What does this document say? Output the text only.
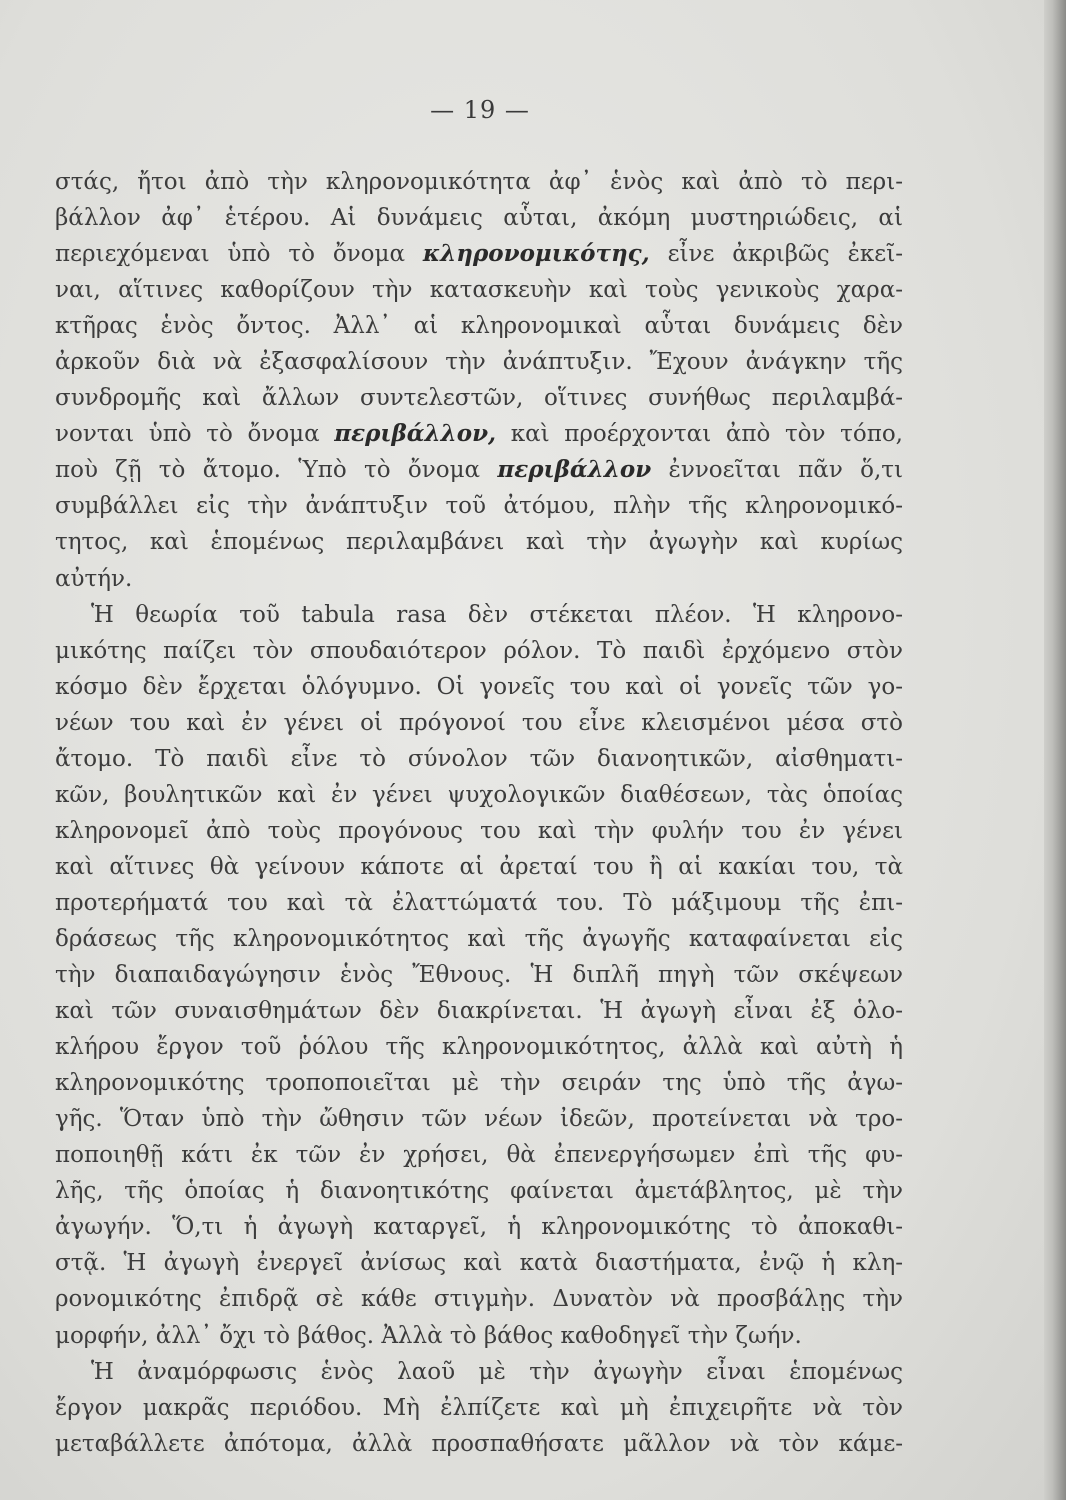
— 19 —
στάς, ἤτοι ἀπὸ τὴν κληρονομικότητα ἀφ᾽ ἑνὸς καὶ ἀπὸ τὸ περι-
βάλλον ἀφ᾽ ἑτέρου. Αἱ δυνάμεις αὗται, ἀκόμη μυστηριώδεις, αἱ
περιεχόμεναι ὑπὸ τὸ ὄνομα κληρονομικότης, εἶνε ἀκριβῶς ἐκεῖ-
ναι, αἵτινες καθορίζουν τὴν κατασκευὴν καὶ τοὺς γενικοὺς χαρα-
κτῆρας ἑνὸς ὄντος. Ἀλλ᾽ αἱ κληρονομικαὶ αὗται δυνάμεις δὲν
ἀρκοῦν διὰ νὰ ἐξασφαλίσουν τὴν ἀνάπτυξιν. Ἔχουν ἀνάγκην τῆς
συνδρομῆς καὶ ἄλλων συντελεστῶν, οἵτινες συνήθως περιλαμβά-
νονται ὑπὸ τὸ ὄνομα περιβάλλον, καὶ προέρχονται ἀπὸ τὸν τόπο,
ποὺ ζῇ τὸ ἄτομο. Ὑπὸ τὸ ὄνομα περιβάλλον ἐννοεῖται πᾶν ὅ,τι
συμβάλλει εἰς τὴν ἀνάπτυξιν τοῦ ἀτόμου, πλὴν τῆς κληρονομικό-
τητος, καὶ ἑπομένως περιλαμβάνει καὶ τὴν ἀγωγὴν καὶ κυρίως
αὐτήν.
Ἡ θεωρία τοῦ tabula rasa δὲν στέκεται πλέον. Ἡ κληρονο-
μικότης παίζει τὸν σπουδαιότερον ρόλον. Τὸ παιδὶ ἐρχόμενο στὸν
κόσμο δὲν ἔρχεται ὁλόγυμνο. Οἱ γονεῖς του καὶ οἱ γονεῖς τῶν γο-
νέων του καὶ ἐν γένει οἱ πρόγονοί του εἶνε κλεισμένοι μέσα στὸ
ἄτομο. Τὸ παιδὶ εἶνε τὸ σύνολον τῶν διανοητικῶν, αἰσθηματι-
κῶν, βουλητικῶν καὶ ἐν γένει ψυχολογικῶν διαθέσεων, τὰς ὁποίας
κληρονομεῖ ἀπὸ τοὺς προγόνους του καὶ τὴν φυλήν του ἐν γένει
καὶ αἵτινες θὰ γείνουν κάποτε αἱ ἀρεταί του ἢ αἱ κακίαι του, τὰ
προτερήματά του καὶ τὰ ἐλαττώματά του. Τὸ μάξιμουμ τῆς ἐπι-
δράσεως τῆς κληρονομικότητος καὶ τῆς ἀγωγῆς καταφαίνεται εἰς
τὴν διαπαιδαγώγησιν ἑνὸς Ἔθνους. Ἡ διπλῆ πηγὴ τῶν σκέψεων
καὶ τῶν συναισθημάτων δὲν διακρίνεται. Ἡ ἀγωγὴ εἶναι ἐξ ὁλο-
κλήρου ἔργον τοῦ ῥόλου τῆς κληρονομικότητος, ἀλλὰ καὶ αὐτὴ ἡ
κληρονομικότης τροποποιεῖται μὲ τὴν σειράν της ὑπὸ τῆς ἀγω-
γῆς. Ὅταν ὑπὸ τὴν ὤθησιν τῶν νέων ἰδεῶν, προτείνεται νὰ τρο-
ποποιηθῇ κάτι ἐκ τῶν ἐν χρήσει, θὰ ἐπενεργήσωμεν ἐπὶ τῆς φυ-
λῆς, τῆς ὁποίας ἡ διανοητικότης φαίνεται ἀμετάβλητος, μὲ τὴν
ἀγωγήν. Ὅ,τι ἡ ἀγωγὴ καταργεῖ, ἡ κληρονομικότης τὸ ἀποκαθι-
στᾷ. Ἡ ἀγωγὴ ἐνεργεῖ ἀνίσως καὶ κατὰ διαστήματα, ἐνῷ ἡ κλη-
ρονομικότης ἐπιδρᾷ σὲ κάθε στιγμὴν. Δυνατὸν νὰ προσβάλῃς τὴν
μορφήν, ἀλλ᾽ ὄχι τὸ βάθος. Ἀλλὰ τὸ βάθος καθοδηγεῖ τὴν ζωήν.
Ἡ ἀναμόρφωσις ἑνὸς λαοῦ μὲ τὴν ἀγωγὴν εἶναι ἑπομένως
ἔργον μακρᾶς περιόδου. Μὴ ἐλπίζετε καὶ μὴ ἐπιχειρῆτε νὰ τὸν
μεταβάλλετε ἀπότομα, ἀλλὰ προσπαθήσατε μᾶλλον νὰ τὸν κάμε-
